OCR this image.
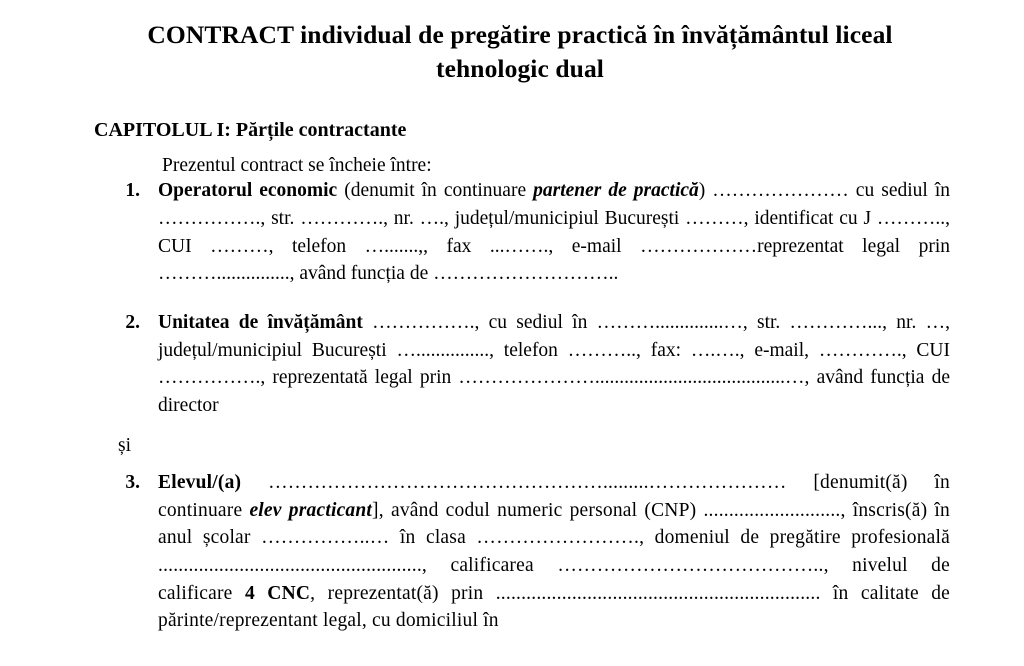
CONTRACT individual de pregătire practică în învățământul liceal tehnologic dual
CAPITOLUL I: Părțile contractante
Prezentul contract se încheie între:
1. Operatorul economic (denumit în continuare partener de practică) ………………… cu sediul în ……………., str. …………., nr. …., județul/municipiul București ………, identificat cu J ……….., CUI ………, telefon ….......,, fax ...……., e-mail ………………reprezentat legal prin ………..............., având funcția de ………………………..
2. Unitatea de învățământ ……………., cu sediul în ………..............…, str. …………..., nr. …, județul/municipiul București …..............., telefon ……….., fax: ….…., e-mail, …………., CUI ……………., reprezentată legal prin ………………….......................................…, având funcția de director
și
3. Elevul/(a) …………………………………………….........………………… [denumit(ă) în continuare elev practicant], având codul numeric personal (CNP) ..........................., înscris(ă) în anul școlar ……………..… în clasa ……………………., domeniul de pregătire profesională ...................................................., calificarea ………………………………….., nivelul de calificare 4 CNC, reprezentat(ă) prin ................................................................ în calitate de părinte/reprezentant legal, cu domiciliul în
